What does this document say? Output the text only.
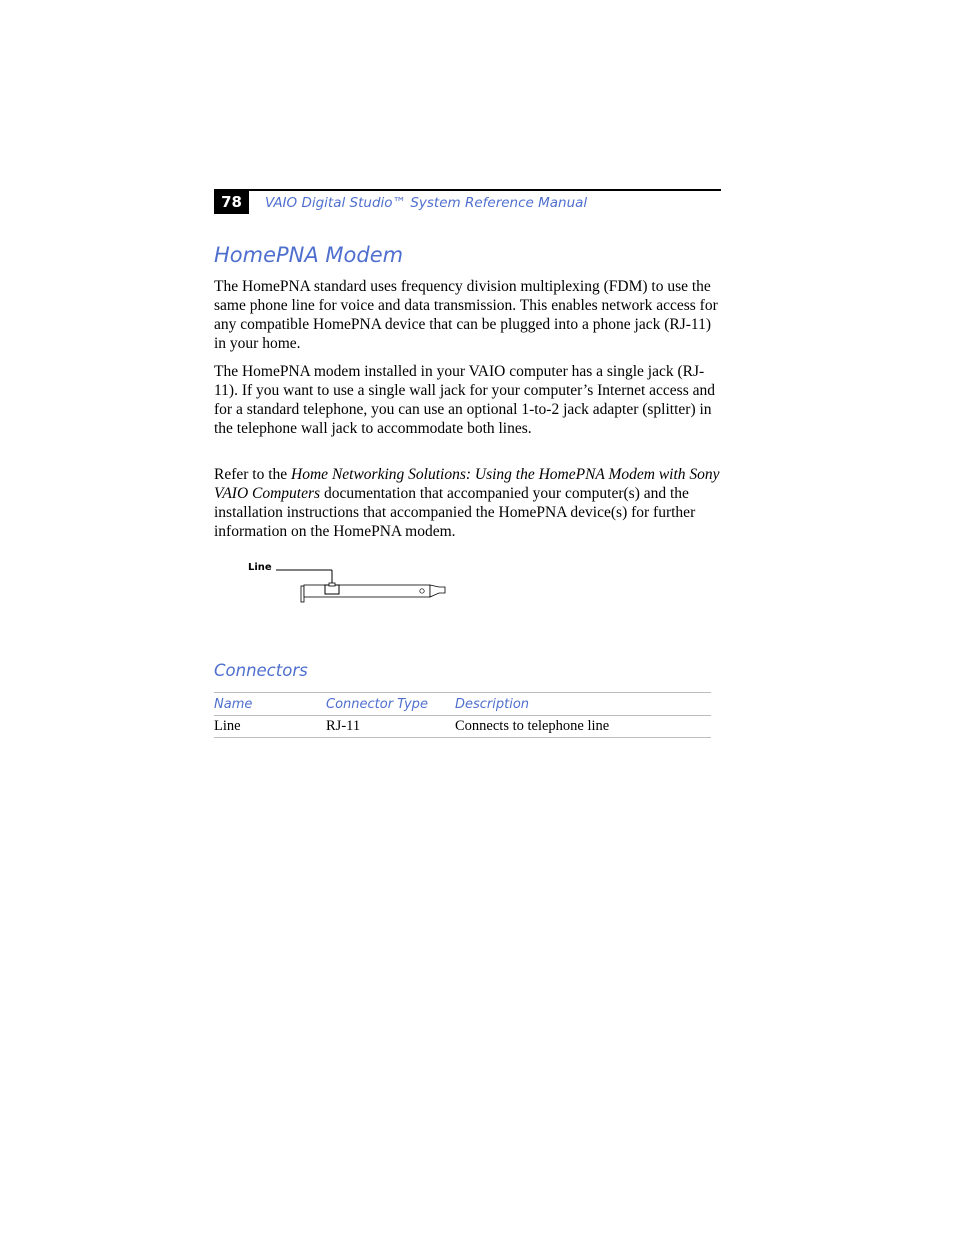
78	VAIO Digital Studio™ System Reference Manual
HomePNA Modem

The HomePNA standard uses frequency division multiplexing (FDM) to use the same phone line for voice and data transmission. This enables network access for any compatible HomePNA device that can be plugged into a phone jack (RJ-11) in your home.

The HomePNA modem installed in your VAIO computer has a single jack (RJ-11). If you want to use a single wall jack for your computer’s Internet access and for a standard telephone, you can use an optional 1-to-2 jack adapter (splitter) in the telephone wall jack to accommodate both lines.

Refer to the Home Networking Solutions: Using the HomePNA Modem with Sony VAIO Computers documentation that accompanied your computer(s) and the installation instructions that accompanied the HomePNA device(s) for further information on the HomePNA modem.

Line
Connectors
Name	Connector Type	Description
Line	RJ-11	Connects to telephone line
